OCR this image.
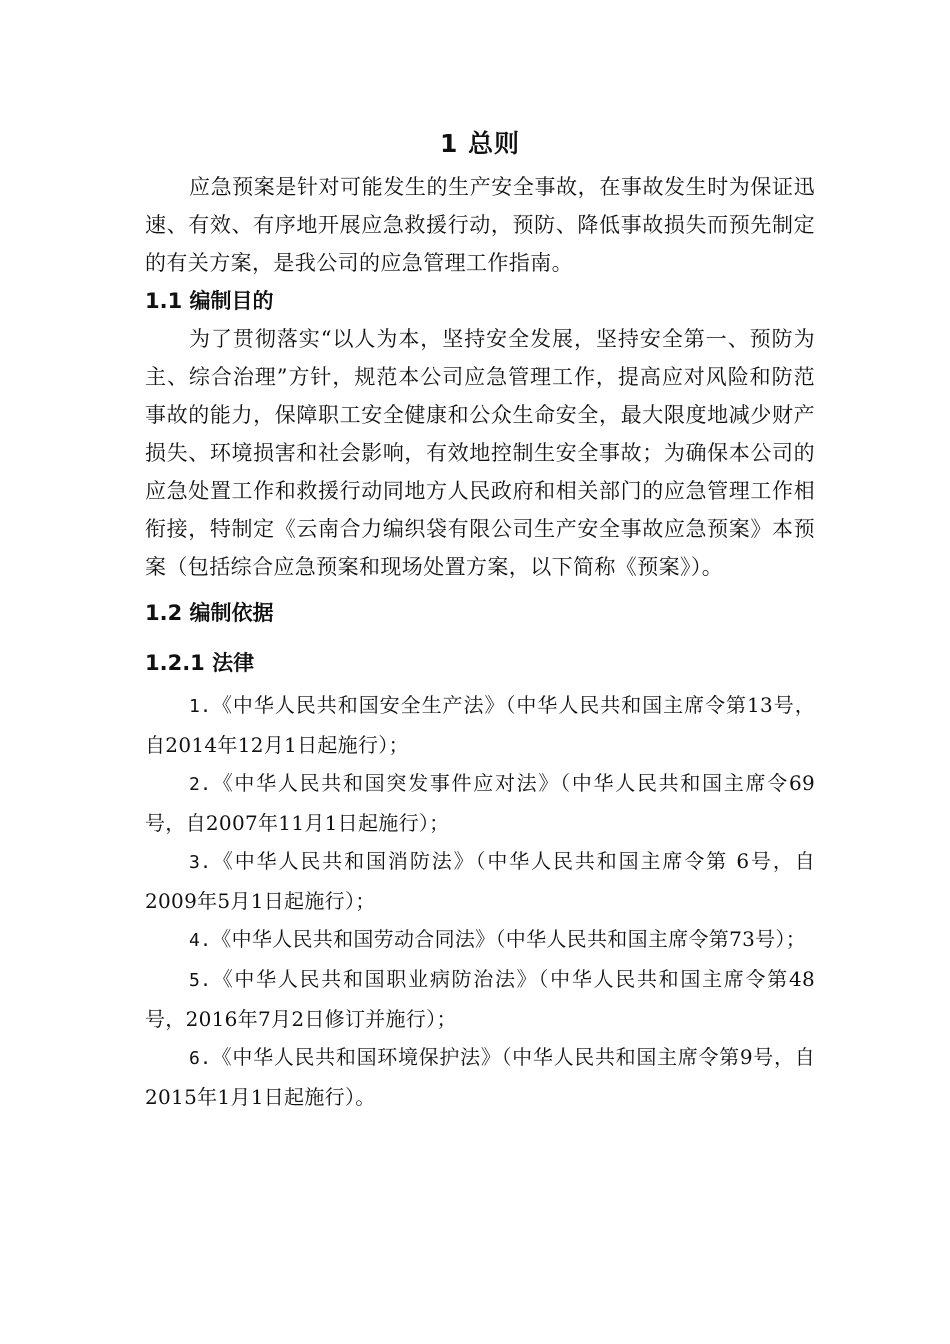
1 总则

应急预案是针对可能发生的生产安全事故，在事故发生时为保证迅速、有效、有序地开展应急救援行动，预防、降低事故损失而预先制定的有关方案，是我公司的应急管理工作指南。

1.1 编制目的

为了贯彻落实“以人为本，坚持安全发展，坚持安全第一、预防为主、综合治理”方针，规范本公司应急管理工作，提高应对风险和防范事故的能力，保障职工安全健康和公众生命安全，最大限度地减少财产损失、环境损害和社会影响，有效地控制生安全事故；为确保本公司的应急处置工作和救援行动同地方人民政府和相关部门的应急管理工作相衔接，特制定《云南合力编织袋有限公司生产安全事故应急预案》本预案（包括综合应急预案和现场处置方案，以下简称《预案》）。

1.2 编制依据
1.2.1 法律
1.《中华人民共和国安全生产法》（中华人民共和国主席令第13号，自2014年12月1日起施行）；
2.《中华人民共和国突发事件应对法》（中华人民共和国主席令69号，自2007年11月1日起施行）；
3.《中华人民共和国消防法》（中华人民共和国主席令第 6号，自2009年5月1日起施行）；
4.《中华人民共和国劳动合同法》（中华人民共和国主席令第73号）；
5.《中华人民共和国职业病防治法》（中华人民共和国主席令第48号，2016年7月2日修订并施行）；
6.《中华人民共和国环境保护法》（中华人民共和国主席令第9号，自2015年1月1日起施行）。
